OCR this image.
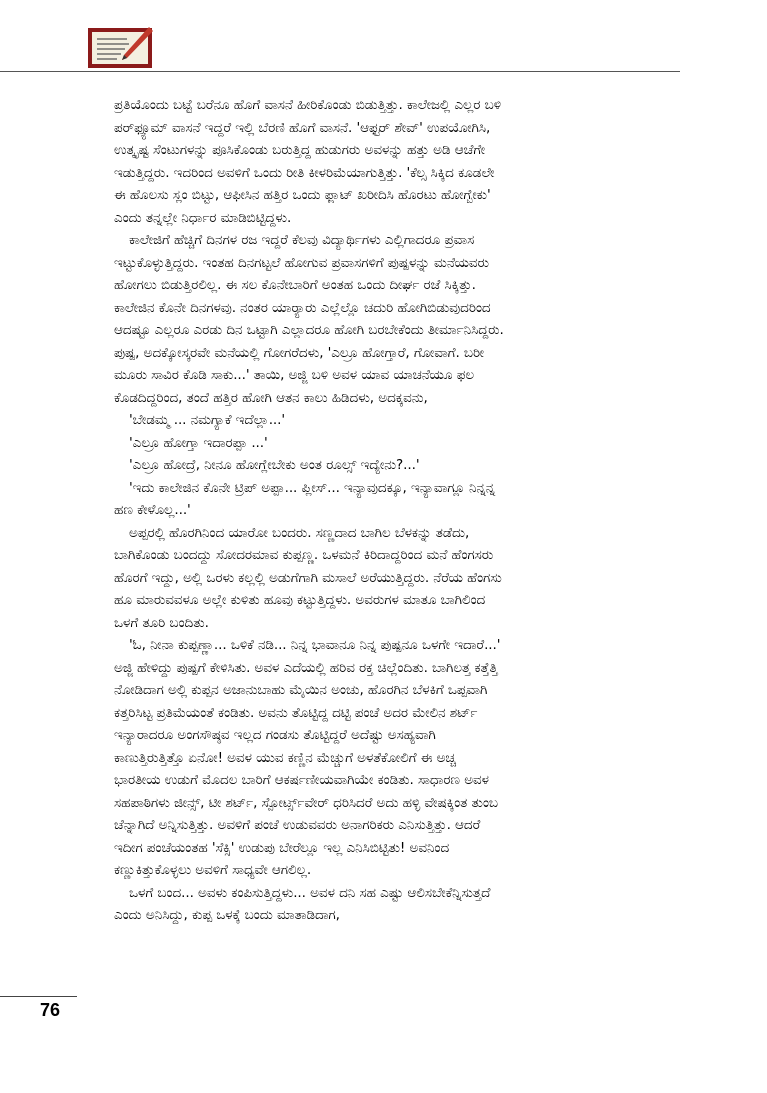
ಪ್ರತಿಯೊಂದು ಬಟ್ಟೆ ಬರೆನೂ ಹೊಗೆ ವಾಸನೆ ಹೀರಿಕೊಂಡು ಬಿಡುತ್ತಿತ್ತು. ಕಾಲೇಜಲ್ಲಿ ಎಲ್ಲರ ಬಳಿ
ಪರ್‌ಫ್ಯೂಮ್ ವಾಸನೆ ಇದ್ದರೆ ಇಲ್ಲಿ ಬೆರಣಿ ಹೊಗೆ ವಾಸನೆ. 'ಆಫ್ಟರ್ ಶೇವ್' ಉಪಯೋಗಿಸಿ,
ಉತ್ಕೃಷ್ಟ ಸೆಂಟುಗಳನ್ನು ಪೂಸಿಕೊಂಡು ಬರುತ್ತಿದ್ದ ಹುಡುಗರು ಅವಳನ್ನು ಹತ್ತು ಅಡಿ ಆಚೆಗೇ
ಇಡುತ್ತಿದ್ದರು. ಇದರಿಂದ ಅವಳಿಗೆ ಒಂದು ರೀತಿ ಕೀಳರಿಮೆಯಾಗುತ್ತಿತ್ತು. 'ಕೆಲ್ಸ ಸಿಕ್ಕಿದ ಕೂಡಲೇ
ಈ ಹೊಲಸು ಸ್ಲಂ ಬಿಟ್ಟು, ಆಫೀಸಿನ ಹತ್ತಿರ ಒಂದು ಫ್ಲಾಟ್ ಖರೀದಿಸಿ ಹೊರಟು ಹೋಗ್ಬೇಕು'
ಎಂದು ತನ್ನಲ್ಲೇ ನಿರ್ಧಾರ ಮಾಡಿಬಿಟ್ಟಿದ್ದಳು.
ಕಾಲೇಜಿಗೆ ಹೆಚ್ಚಿಗೆ ದಿನಗಳ ರಜ ಇದ್ದರೆ ಕೆಲವು ವಿದ್ಯಾರ್ಥಿಗಳು ಎಲ್ಲಿಗಾದರೂ ಪ್ರವಾಸ
ಇಟ್ಟುಕೊಳ್ಳುತ್ತಿದ್ದರು. ಇಂತಹ ದಿನಗಟ್ಟಲೆ ಹೋಗುವ ಪ್ರವಾಸಗಳಿಗೆ ಪುಷ್ಪಳನ್ನು ಮನೆಯವರು
ಹೋಗಲು ಬಿಡುತ್ತಿರಲಿಲ್ಲ. ಈ ಸಲ ಕೊನೇಬಾರಿಗೆ ಅಂತಹ ಒಂದು ದೀರ್ಘ ರಜೆ ಸಿಕ್ಕಿತ್ತು.
ಕಾಲೇಜಿನ ಕೊನೇ ದಿನಗಳವು. ನಂತರ ಯಾರ್‍ಯಾರು ಎಲ್ಲೆಲ್ಲೊ ಚದುರಿ ಹೋಗಿಬಿಡುವುದರಿಂದ
ಆದಷ್ಟೂ ಎಲ್ಲರೂ ಎರಡು ದಿನ ಒಟ್ಟಾಗಿ ಎಲ್ಲಾದರೂ ಹೋಗಿ ಬರಬೇಕೆಂದು ತೀರ್ಮಾನಿಸಿದ್ದರು.
ಪುಷ್ಪ, ಅದಕ್ಕೋಸ್ಕರವೇ ಮನೆಯಲ್ಲಿ ಗೋಗರೆದಳು, 'ಎಲ್ರೂ ಹೋಗ್ತಾರೆ, ಗೋವಾಗೆ. ಬರೀ
ಮೂರು ಸಾವಿರ ಕೊಡಿ ಸಾಕು...' ತಾಯಿ, ಅಜ್ಜಿ ಬಳಿ ಅವಳ ಯಾವ ಯಾಚನೆಯೂ ಫಲ
ಕೊಡದಿದ್ದರಿಂದ, ತಂದೆ ಹತ್ತಿರ ಹೋಗಿ ಆತನ ಕಾಲು ಹಿಡಿದಳು, ಅದಕ್ಕವನು,
'ಬೇಡಮ್ಮ ... ನಮಗ್ಯಾಕೆ ಇದೆಲ್ಲಾ...'
'ಎಲ್ರೂ ಹೋಗ್ತಾ ಇದಾರಪ್ಪಾ ...'
'ಎಲ್ರೂ ಹೋದ್ರೆ, ನೀನೂ ಹೋಗ್ಲೇಬೇಕು ಅಂತ ರೂಲ್ಸ್ ಇದ್ಯೇನು?...'
'ಇದು ಕಾಲೇಜಿನ ಕೊನೇ ಟ್ರಿಪ್ ಅಪ್ಪಾ... ಪ್ಲೀಸ್... ಇನ್ಯಾವುದಕ್ಕೂ, ಇನ್ಯಾವಾಗ್ಲೂ ನಿನ್ನನ್ನ
ಹಣ ಕೇಳೊಲ್ಲ...'
ಅಪ್ಪರಲ್ಲಿ ಹೊರಗಿನಿಂದ ಯಾರೋ ಬಂದರು. ಸಣ್ಣದಾದ ಬಾಗಿಲ ಬೆಳಕನ್ನು ತಡೆದು,
ಬಾಗಿಕೊಂಡು ಬಂದದ್ದು ಸೋದರಮಾವ ಕುಪ್ಪಣ್ಣ. ಒಳಮನೆ ಕಿರಿದಾದ್ದರಿಂದ ಮನೆ ಹೆಂಗಸರು
ಹೊರಗೆ ಇದ್ದು, ಅಲ್ಲಿ ಒರಳು ಕಲ್ಲಲ್ಲಿ ಅಡುಗೆಗಾಗಿ ಮಸಾಲೆ ಅರೆಯುತ್ತಿದ್ದರು. ನೆರೆಯ ಹೆಂಗಸು
ಹೂ ಮಾರುವವಳೂ ಅಲ್ಲೇ ಕುಳಿತು ಹೂವು ಕಟ್ಟುತ್ತಿದ್ದಳು. ಅವರುಗಳ ಮಾತೂ ಬಾಗಿಲಿಂದ
ಒಳಗೆ ತೂರಿ ಬಂದಿತು.
'ಓ, ನೀನಾ ಕುಪ್ಪಣ್ಣಾ... ಒಳಿಕೆ ನಡಿ... ನಿನ್ನ ಭಾವಾನೂ ನಿನ್ನ ಪುಷ್ಪನೂ ಒಳಗೇ ಇದಾರೆ...'
ಅಜ್ಜಿ ಹೇಳಿದ್ದು ಪುಷ್ಪಗೆ ಕೇಳಿಸಿತು. ಅವಳ ಎದೆಯಲ್ಲಿ ಹರಿವ ರಕ್ತ ಚಿಲ್ಲೆಂದಿತು. ಬಾಗಿಲತ್ತ ಕತ್ತೆತ್ತಿ
ನೋಡಿದಾಗ ಅಲ್ಲಿ ಕುಪ್ಪನ ಅಜಾನುಬಾಹು ಮೈಯಿನ ಅಂಚು, ಹೊರಗಿನ ಬೆಳಕಿಗೆ ಒಪ್ಪವಾಗಿ
ಕತ್ತರಿಸಿಟ್ಟ ಪ್ರತಿಮೆಯಂತೆ ಕಂಡಿತು. ಅವನು ತೊಟ್ಟಿದ್ದ ದಟ್ಟಿ ಪಂಚೆ ಅದರ ಮೇಲಿನ ಶರ್ಟ್
ಇನ್ಯಾರಾದರೂ ಅಂಗಸೌಷ್ಠವ ಇಲ್ಲದ ಗಂಡಸು ತೊಟ್ಟಿದ್ದರೆ ಅದೆಷ್ಟು ಅಸಹ್ಯವಾಗಿ
ಕಾಣುತ್ತಿರುತ್ತಿತ್ತೊ ಏನೋ! ಅವಳ ಯುವ ಕಣ್ಣಿನ ಮೆಚ್ಚುಗೆ ಅಳತೆಕೋಲಿಗೆ ಈ ಅಚ್ಚ
ಭಾರತೀಯ ಉಡುಗೆ ಮೊದಲ ಬಾರಿಗೆ ಆಕರ್ಷಣೀಯವಾಗಿಯೇ ಕಂಡಿತು. ಸಾಧಾರಣ ಅವಳ
ಸಹಪಾಠಿಗಳು ಜೀನ್ಸ್, ಟೀ ಶರ್ಟ್, ಸ್ಪೋರ್ಟ್ಸ್‌ವೇರ್ ಧರಿಸಿದರೆ ಅದು ಹಳ್ಳಿ ವೇಷಕ್ಕಿಂತ ತುಂಬ
ಚೆನ್ನಾಗಿದೆ ಅನ್ನಿಸುತ್ತಿತ್ತು. ಅವಳಿಗೆ ಪಂಚೆ ಉಡುವವರು ಅನಾಗರಿಕರು ಎನಿಸುತ್ತಿತ್ತು. ಆದರೆ
ಇದೀಗ ಪಂಚೆಯಂತಹ 'ಸೆಕ್ಸಿ' ಉಡುಪು ಬೇರೆಲ್ಲೂ ಇಲ್ಲ ಎನಿಸಿಬಿಟ್ಟಿತು! ಅವನಿಂದ
ಕಣ್ಣುಕಿತ್ತುಕೊಳ್ಳಲು ಅವಳಿಗೆ ಸಾಧ್ಯವೇ ಆಗಲಿಲ್ಲ.
ಒಳಗೆ ಬಂದ... ಅವಳು ಕಂಪಿಸುತ್ತಿದ್ದಳು... ಅವಳ ದನಿ ಸಹ ಎಷ್ಟು ಆಲಿಸಬೇಕೆನ್ನಿಸುತ್ತದೆ
ಎಂದು ಅನಿಸಿದ್ದು, ಕುಪ್ಪ ಒಳಕ್ಕೆ ಬಂದು ಮಾತಾಡಿದಾಗ,
76
